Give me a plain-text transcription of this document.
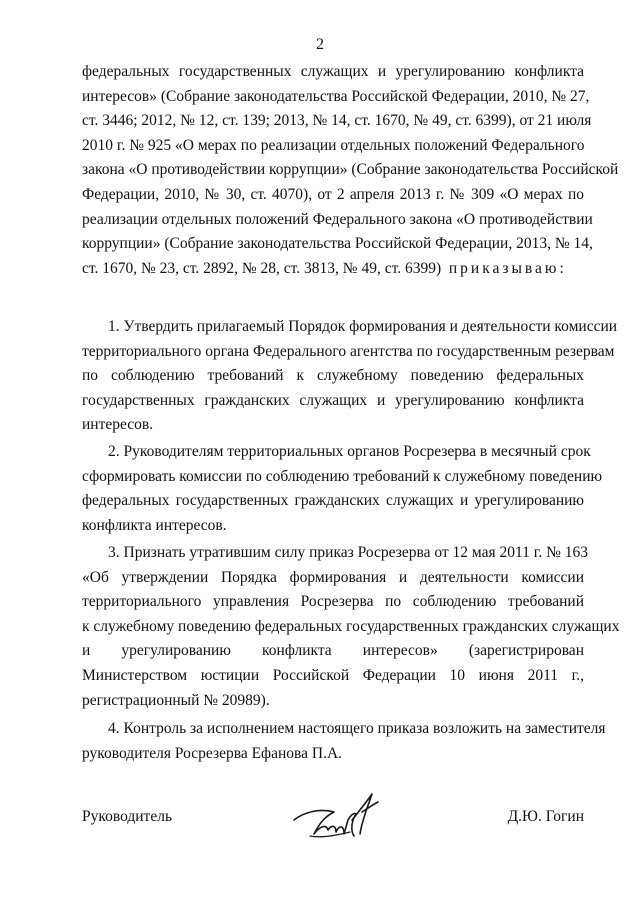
2
федеральных государственных служащих и урегулированию конфликта
интересов» (Собрание законодательства Российской Федерации, 2010, № 27,
ст. 3446; 2012, № 12, ст. 139; 2013, № 14, ст. 1670, № 49, ст. 6399), от 21 июля
2010 г. № 925 «О мерах по реализации отдельных положений Федерального
закона «О противодействии коррупции» (Собрание законодательства Российской
Федерации, 2010, № 30, ст. 4070), от 2 апреля 2013 г. № 309 «О мерах по
реализации отдельных положений Федерального закона «О противодействии
коррупции» (Собрание законодательства Российской Федерации, 2013, № 14,
ст. 1670, № 23, ст. 2892, № 28, ст. 3813, № 49, ст. 6399) приказываю:
1. Утвердить прилагаемый Порядок формирования и деятельности комиссии
территориального органа Федерального агентства по государственным резервам
по соблюдению требований к служебному поведению федеральных
государственных гражданских служащих и урегулированию конфликта
интересов.
2. Руководителям территориальных органов Росрезерва в месячный срок
сформировать комиссии по соблюдению требований к служебному поведению
федеральных государственных гражданских служащих и урегулированию
конфликта интересов.
3. Признать утратившим силу приказ Росрезерва от 12 мая 2011 г. № 163
«Об утверждении Порядка формирования и деятельности комиссии
территориального управления Росрезерва по соблюдению требований
к служебному поведению федеральных государственных гражданских служащих
и урегулированию конфликта интересов» (зарегистрирован
Министерством юстиции Российской Федерации 10 июня 2011 г.,
регистрационный № 20989).
4. Контроль за исполнением настоящего приказа возложить на заместителя
руководителя Росрезерва Ефанова П.А.
Руководитель	Д.Ю. Гогин
